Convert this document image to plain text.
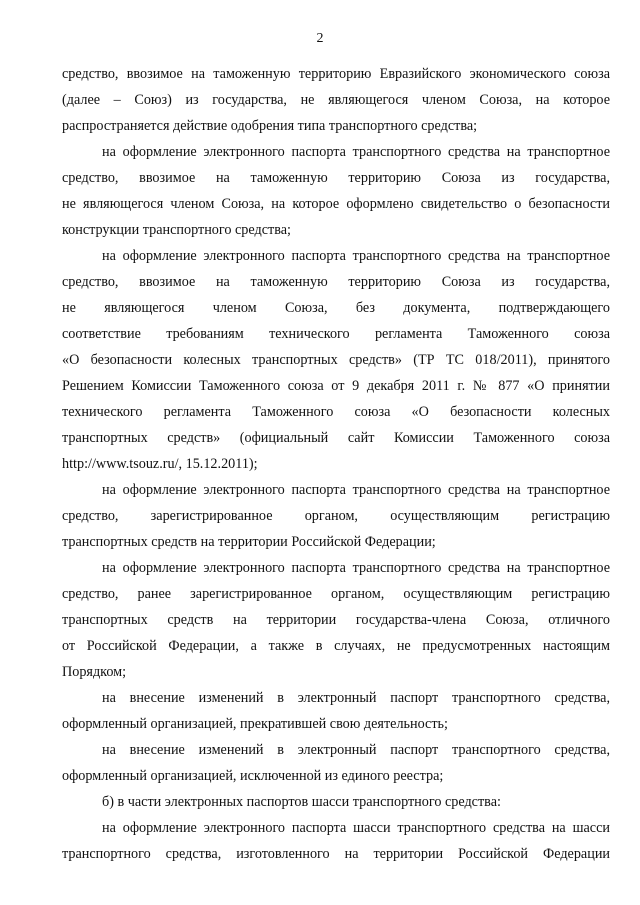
2
средство, ввозимое на таможенную территорию Евразийского экономического союза
(далее – Союз) из государства, не являющегося членом Союза, на которое
распространяется действие одобрения типа транспортного средства;
на оформление электронного паспорта транспортного средства на транспортное
средство, ввозимое на таможенную территорию Союза из государства,
не являющегося членом Союза, на которое оформлено свидетельство о безопасности
конструкции транспортного средства;
на оформление электронного паспорта транспортного средства на транспортное
средство, ввозимое на таможенную территорию Союза из государства,
не являющегося членом Союза, без документа, подтверждающего
соответствие требованиям технического регламента Таможенного союза
«О безопасности колесных транспортных средств» (ТР ТС 018/2011), принятого
Решением Комиссии Таможенного союза от 9 декабря 2011 г. № 877 «О принятии
технического регламента Таможенного союза «О безопасности колесных
транспортных средств» (официальный сайт Комиссии Таможенного союза
http://www.tsouz.ru/, 15.12.2011);
на оформление электронного паспорта транспортного средства на транспортное
средство, зарегистрированное органом, осуществляющим регистрацию
транспортных средств на территории Российской Федерации;
на оформление электронного паспорта транспортного средства на транспортное
средство, ранее зарегистрированное органом, осуществляющим регистрацию
транспортных средств на территории государства-члена Союза, отличного
от Российской Федерации, а также в случаях, не предусмотренных настоящим
Порядком;
на внесение изменений в электронный паспорт транспортного средства,
оформленный организацией, прекратившей свою деятельность;
на внесение изменений в электронный паспорт транспортного средства,
оформленный организацией, исключенной из единого реестра;
б) в части электронных паспортов шасси транспортного средства:
на оформление электронного паспорта шасси транспортного средства на шасси
транспортного средства, изготовленного на территории Российской Федерации
